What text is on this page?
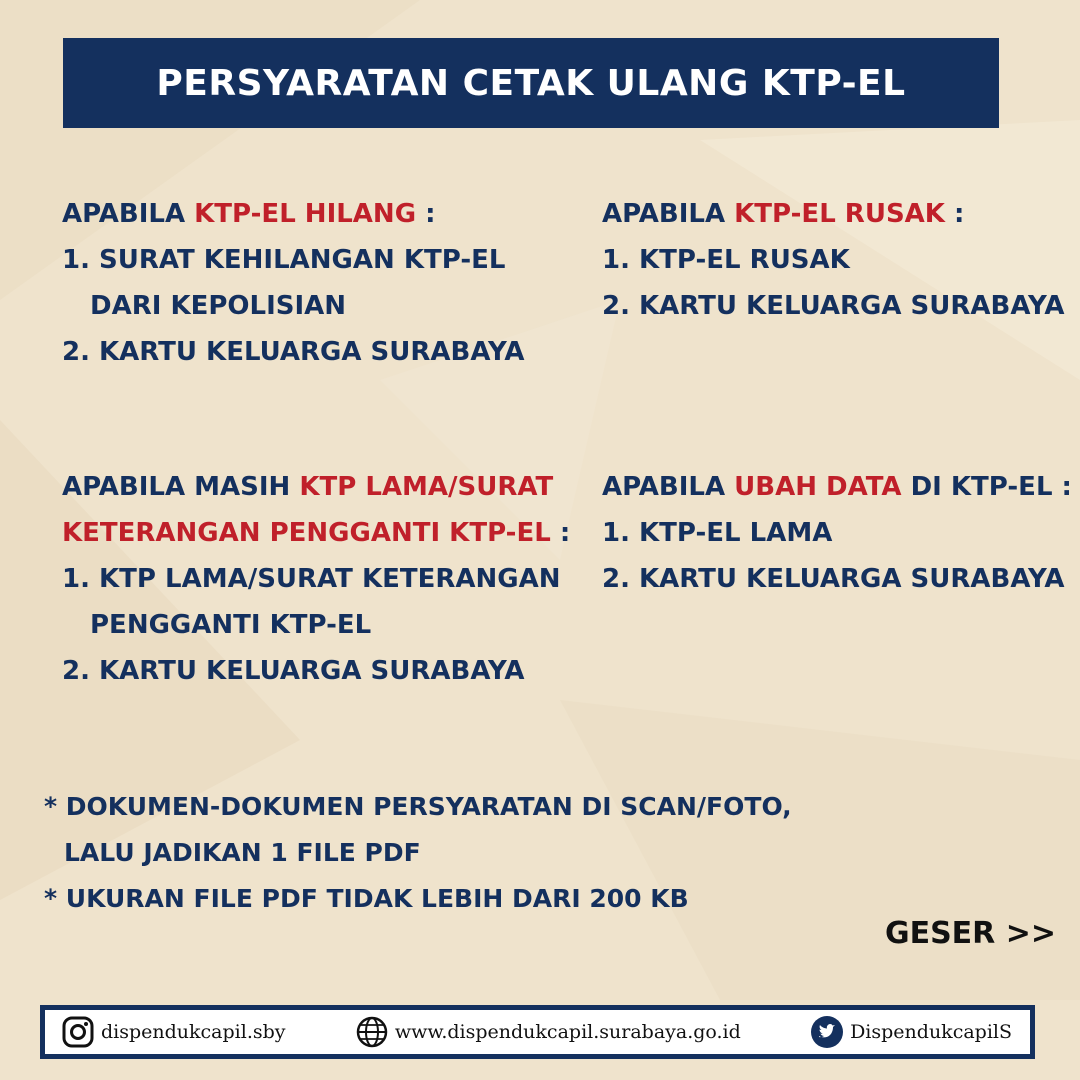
PERSYARATAN CETAK ULANG KTP-EL
APABILA KTP-EL HILANG :
1. SURAT KEHILANGAN KTP-EL
DARI KEPOLISIAN
2. KARTU KELUARGA SURABAYA
APABILA KTP-EL RUSAK :
1. KTP-EL RUSAK
2. KARTU KELUARGA SURABAYA
APABILA MASIH KTP LAMA/SURAT
KETERANGAN PENGGANTI KTP-EL :
1. KTP LAMA/SURAT KETERANGAN
PENGGANTI KTP-EL
2. KARTU KELUARGA SURABAYA
APABILA UBAH DATA DI KTP-EL :
1. KTP-EL LAMA
2. KARTU KELUARGA SURABAYA
* DOKUMEN-DOKUMEN PERSYARATAN DI SCAN/FOTO,
LALU JADIKAN 1 FILE PDF
* UKURAN FILE PDF TIDAK LEBIH DARI 200 KB
GESER >>
dispendukcapil.sby	www.dispendukcapil.surabaya.go.id	DispendukcapilS
